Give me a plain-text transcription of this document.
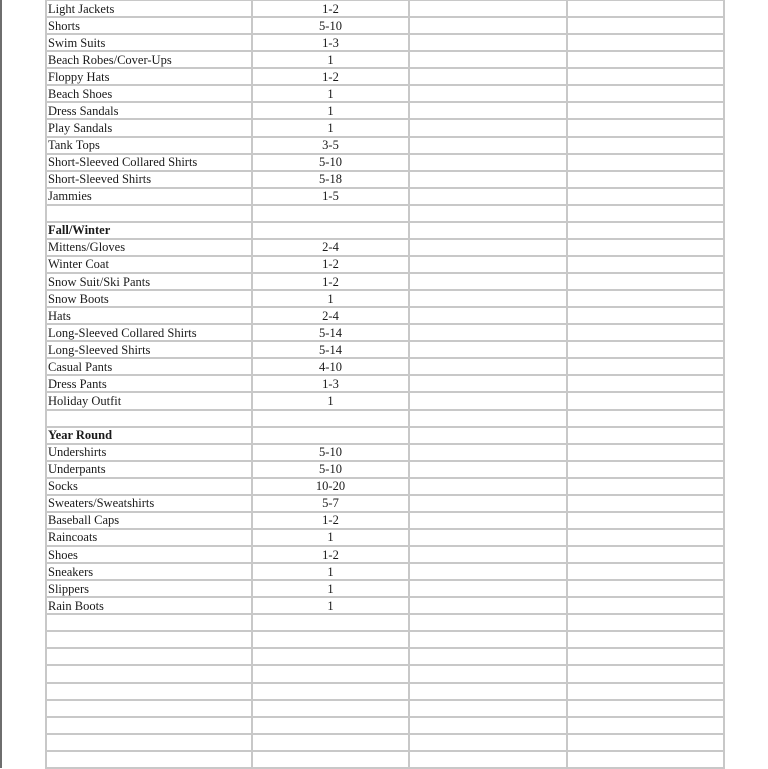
Light Jackets	1-2		
Shorts	5-10		
Swim Suits	1-3		
Beach Robes/Cover-Ups	1		
Floppy Hats	1-2		
Beach Shoes	1		
Dress Sandals	1		
Play Sandals	1		
Tank Tops	3-5		
Short-Sleeved Collared Shirts	5-10		
Short-Sleeved Shirts	5-18		
Jammies	1-5		

Fall/Winter			
Mittens/Gloves	2-4		
Winter Coat	1-2		
Snow Suit/Ski Pants	1-2		
Snow Boots	1		
Hats	2-4		
Long-Sleeved Collared Shirts	5-14		
Long-Sleeved Shirts	5-14		
Casual Pants	4-10		
Dress Pants	1-3		
Holiday Outfit	1		

Year Round			
Undershirts	5-10		
Underpants	5-10		
Socks	10-20		
Sweaters/Sweatshirts	5-7		
Baseball Caps	1-2		
Raincoats	1		
Shoes	1-2		
Sneakers	1		
Slippers	1		
Rain Boots	1		
